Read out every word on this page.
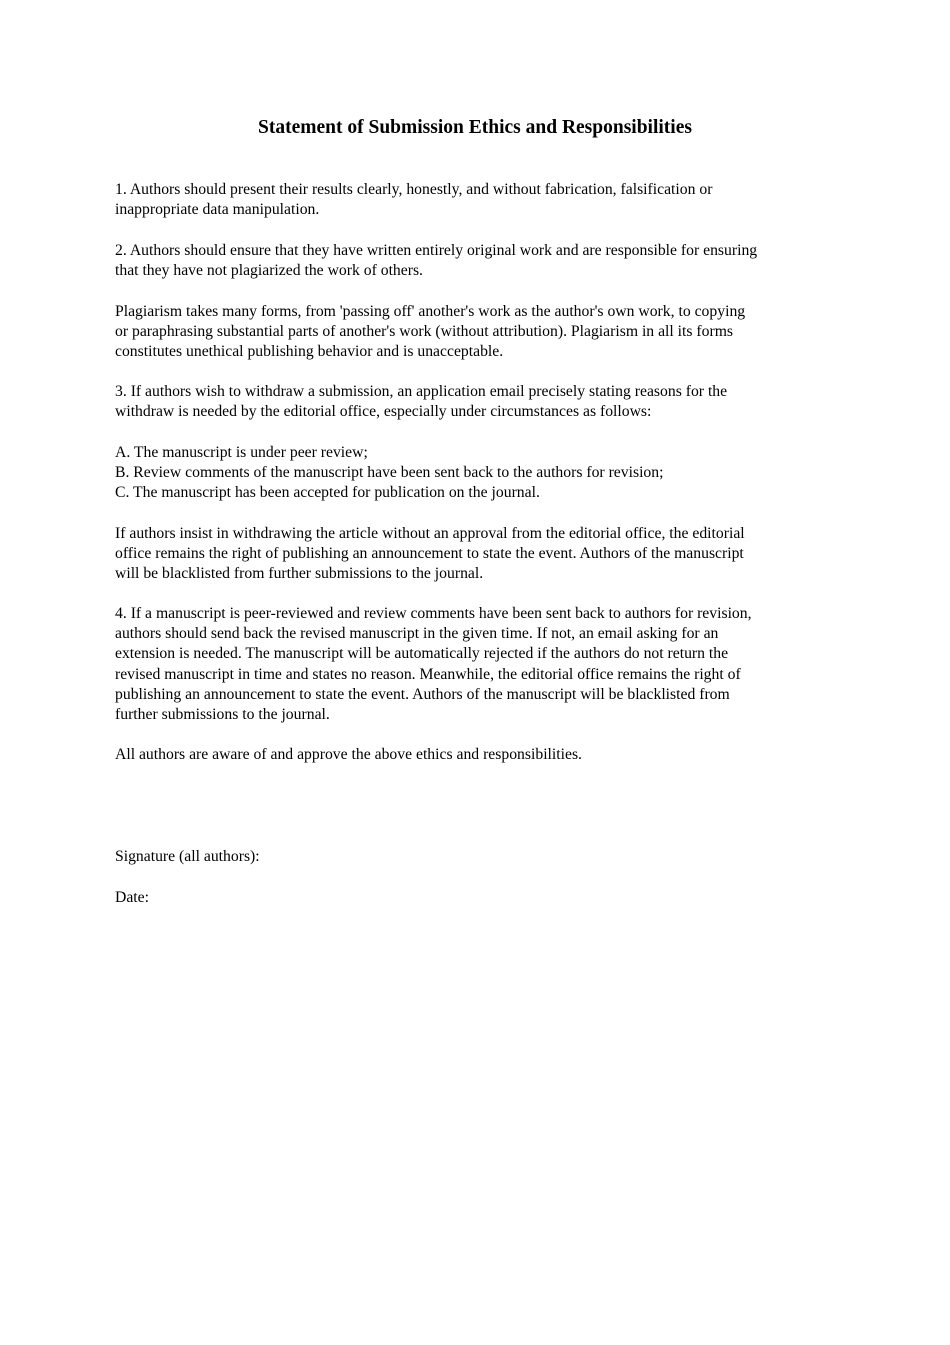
Statement of Submission Ethics and Responsibilities
1. Authors should present their results clearly, honestly, and without fabrication, falsification or
inappropriate data manipulation.
2. Authors should ensure that they have written entirely original work and are responsible for ensuring
that they have not plagiarized the work of others.
Plagiarism takes many forms, from 'passing off' another's work as the author's own work, to copying
or paraphrasing substantial parts of another's work (without attribution). Plagiarism in all its forms
constitutes unethical publishing behavior and is unacceptable.
3. If authors wish to withdraw a submission, an application email precisely stating reasons for the
withdraw is needed by the editorial office, especially under circumstances as follows:
A. The manuscript is under peer review;
B. Review comments of the manuscript have been sent back to the authors for revision;
C. The manuscript has been accepted for publication on the journal.
If authors insist in withdrawing the article without an approval from the editorial office, the editorial
office remains the right of publishing an announcement to state the event. Authors of the manuscript
will be blacklisted from further submissions to the journal.
4. If a manuscript is peer-reviewed and review comments have been sent back to authors for revision,
authors should send back the revised manuscript in the given time. If not, an email asking for an
extension is needed. The manuscript will be automatically rejected if the authors do not return the
revised manuscript in time and states no reason. Meanwhile, the editorial office remains the right of
publishing an announcement to state the event. Authors of the manuscript will be blacklisted from
further submissions to the journal.
All authors are aware of and approve the above ethics and responsibilities.
Signature (all authors):
Date:
